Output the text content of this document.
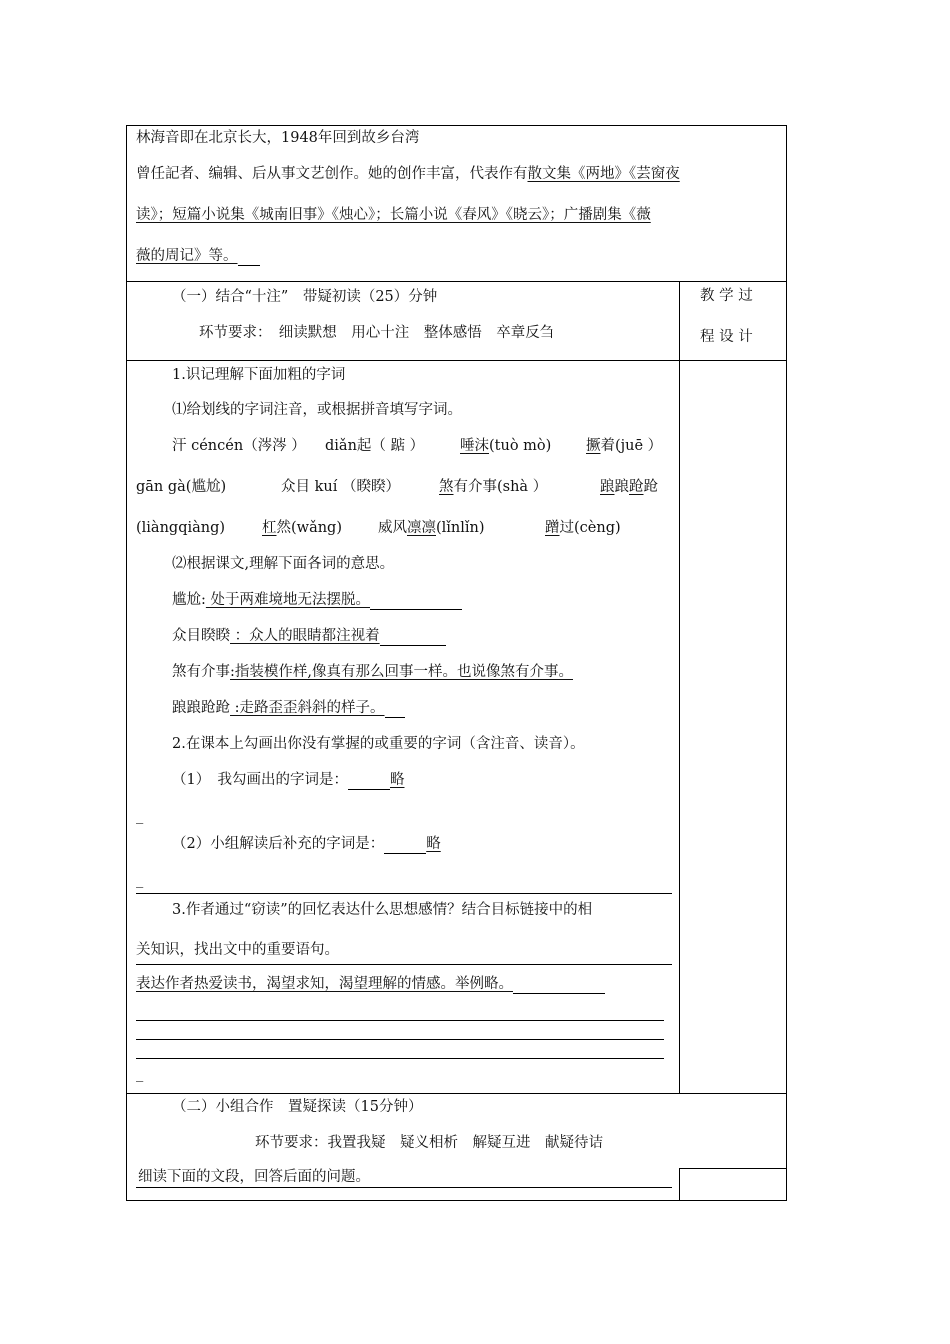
林海音即在北京长大，1948年回到故乡台湾
曾任記者、编辑、后从事文艺创作。她的创作丰富，代表作有散文集《两地》《芸窗夜
读》；短篇小说集《城南旧事》《烛心》；长篇小说《春风》《晓云》；广播剧集《薇
薇的周记》等。
（一）结合“十注”　带疑初读（25）分钟
环节要求：　细读默想　用心十注　整体感悟　卒章反刍
教 学 过
程 设 计
1.识记理解下面加粗的字词
⑴给划线的字词注音，或根据拼音填写字词。
汗 céncén（涔涔 ） diǎn起（ 踮 ） 唾沫(tuò mò) 撅着(juē ）
gān gà(尴尬)	众目 kuí （睽睽）	煞有介事(shà ）	踉踉跄跄
(liàngqiàng)	杠然(wǎng) 威风凛凛(lǐnlǐn)	蹭过(cèng)
⑵根据课文,理解下面各词的意思。
尴尬: 处于两难境地无法摆脱。
众目睽睽 ：众人的眼睛都注视着
煞有介事:指装模作样,像真有那么回事一样。也说像煞有介事。
踉踉跄跄 :走路歪歪斜斜的样子。
2.在课本上勾画出你没有掌握的或重要的字词（含注音、读音）。
（1）　我勾画出的字词是：	略
_
（2）小组解读后补充的字词是：	略
_
3.作者通过“窃读”的回忆表达什么思想感情？结合目标链接中的相
关知识，找出文中的重要语句。
表达作者热爱读书，渴望求知，渴望理解的情感。举例略。
_
（二）小组合作　置疑探读（15分钟）
环节要求：我置我疑　疑义相析　解疑互进　献疑待诘
细读下面的文段，回答后面的问题。
